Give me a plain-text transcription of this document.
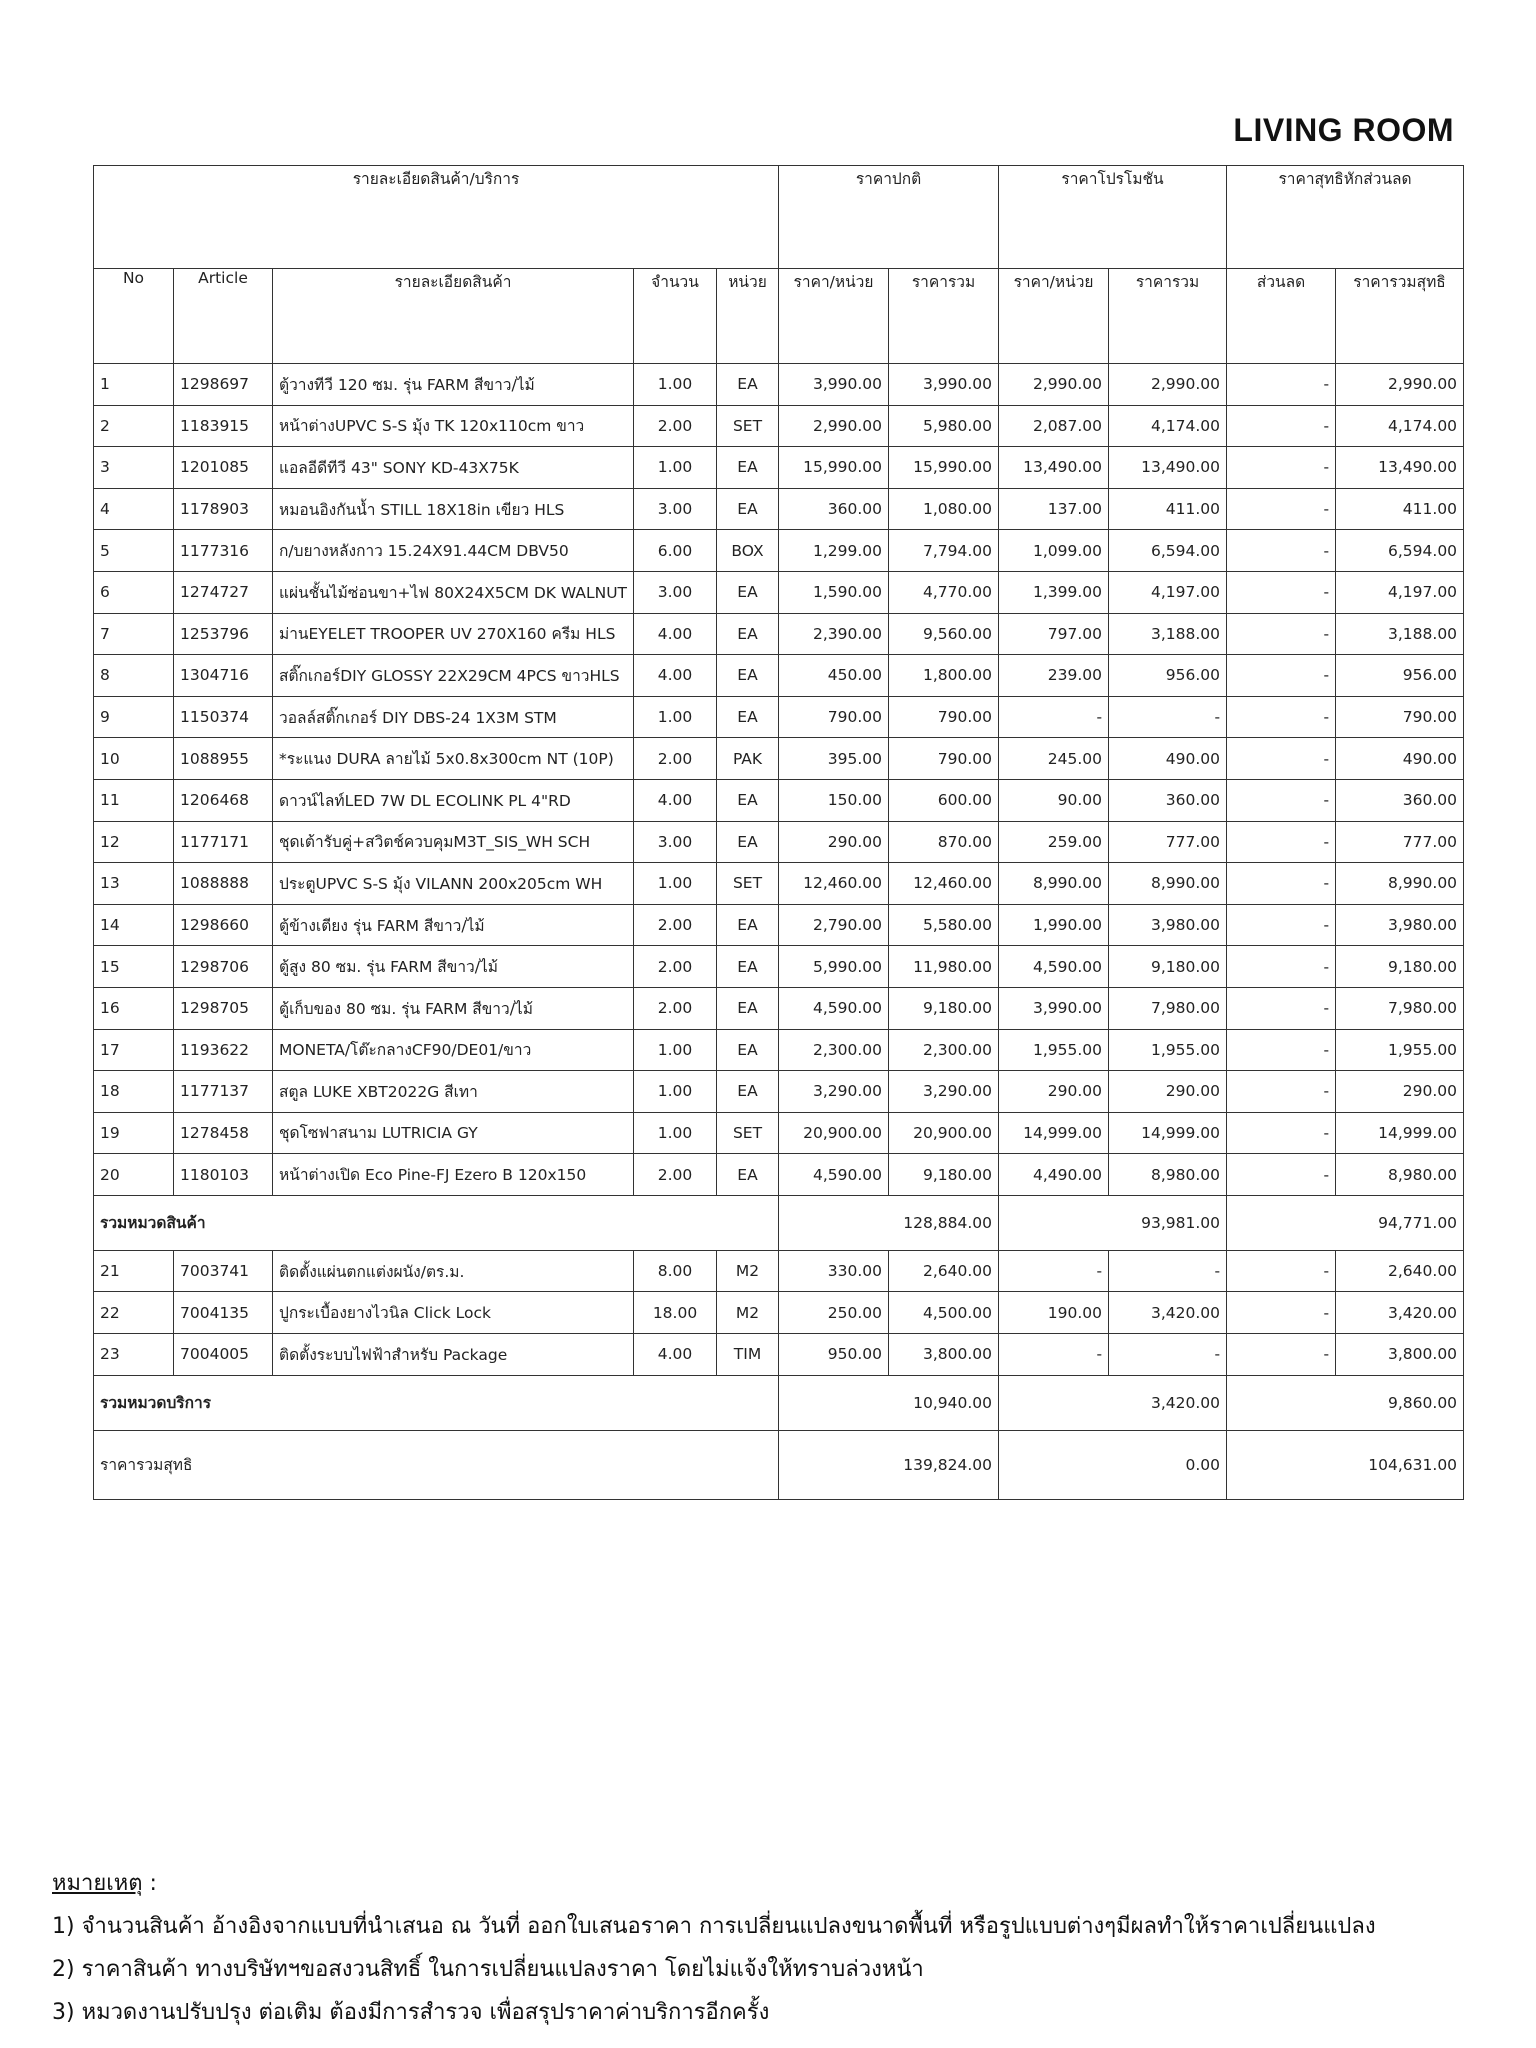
LIVING ROOM
รายละเอียดสินค้า/บริการ					ราคาปกติ		ราคาโปรโมชัน		ราคาสุทธิหักส่วนลด	
No	Article	รายละเอียดสินค้า	จำนวน	หน่วย	ราคา/หน่วย	ราคารวม	ราคา/หน่วย	ราคารวม	ส่วนลด	ราคารวมสุทธิ
1	1298697	ตู้วางทีวี 120 ซม. รุ่น FARM สีขาว/ไม้	1.00	EA	3,990.00	3,990.00	2,990.00	2,990.00	-	2,990.00
2	1183915	หน้าต่างUPVC S-S มุ้ง TK 120x110cm ขาว	2.00	SET	2,990.00	5,980.00	2,087.00	4,174.00	-	4,174.00
3	1201085	แอลอีดีทีวี 43" SONY KD-43X75K	1.00	EA	15,990.00	15,990.00	13,490.00	13,490.00	-	13,490.00
4	1178903	หมอนอิงกันน้ำ STILL 18X18in เขียว HLS	3.00	EA	360.00	1,080.00	137.00	411.00	-	411.00
5	1177316	ก/บยางหลังกาว 15.24X91.44CM DBV50	6.00	BOX	1,299.00	7,794.00	1,099.00	6,594.00	-	6,594.00
6	1274727	แผ่นชั้นไม้ซ่อนขา+ไฟ 80X24X5CM DK WALNUT	3.00	EA	1,590.00	4,770.00	1,399.00	4,197.00	-	4,197.00
7	1253796	ม่านEYELET TROOPER UV 270X160 ครีม HLS	4.00	EA	2,390.00	9,560.00	797.00	3,188.00	-	3,188.00
8	1304716	สติ๊กเกอร์DIY GLOSSY 22X29CM 4PCS ขาวHLS	4.00	EA	450.00	1,800.00	239.00	956.00	-	956.00
9	1150374	วอลล์สติ๊กเกอร์ DIY DBS-24 1X3M STM	1.00	EA	790.00	790.00	-	-	-	790.00
10	1088955	*ระแนง DURA ลายไม้ 5x0.8x300cm NT (10P)	2.00	PAK	395.00	790.00	245.00	490.00	-	490.00
11	1206468	ดาวน์ไลท์LED 7W DL ECOLINK PL 4"RD	4.00	EA	150.00	600.00	90.00	360.00	-	360.00
12	1177171	ชุดเต้ารับคู่+สวิตช์ควบคุมM3T_SIS_WH SCH	3.00	EA	290.00	870.00	259.00	777.00	-	777.00
13	1088888	ประตูUPVC S-S มุ้ง VILANN 200x205cm WH	1.00	SET	12,460.00	12,460.00	8,990.00	8,990.00	-	8,990.00
14	1298660	ตู้ข้างเตียง รุ่น FARM สีขาว/ไม้	2.00	EA	2,790.00	5,580.00	1,990.00	3,980.00	-	3,980.00
15	1298706	ตู้สูง 80 ซม. รุ่น FARM สีขาว/ไม้	2.00	EA	5,990.00	11,980.00	4,590.00	9,180.00	-	9,180.00
16	1298705	ตู้เก็บของ 80 ซม. รุ่น FARM สีขาว/ไม้	2.00	EA	4,590.00	9,180.00	3,990.00	7,980.00	-	7,980.00
17	1193622	MONETA/โต๊ะกลางCF90/DE01/ขาว	1.00	EA	2,300.00	2,300.00	1,955.00	1,955.00	-	1,955.00
18	1177137	สตูล LUKE XBT2022G สีเทา	1.00	EA	3,290.00	3,290.00	290.00	290.00	-	290.00
19	1278458	ชุดโซฟาสนาม LUTRICIA GY	1.00	SET	20,900.00	20,900.00	14,999.00	14,999.00	-	14,999.00
20	1180103	หน้าต่างเปิด Eco Pine-FJ Ezero B 120x150	2.00	EA	4,590.00	9,180.00	4,490.00	8,980.00	-	8,980.00
รวมหมวดสินค้า					128,884.00		93,981.00		94,771.00	
21	7003741	ติดตั้งแผ่นตกแต่งผนัง/ตร.ม.	8.00	M2	330.00	2,640.00	-	-	-	2,640.00
22	7004135	ปูกระเบื้องยางไวนิล Click Lock	18.00	M2	250.00	4,500.00	190.00	3,420.00	-	3,420.00
23	7004005	ติดตั้งระบบไฟฟ้าสำหรับ Package	4.00	TIM	950.00	3,800.00	-	-	-	3,800.00
รวมหมวดบริการ					10,940.00		3,420.00		9,860.00	
ราคารวมสุทธิ					139,824.00		0.00		104,631.00	
หมายเหตุ :
1) จำนวนสินค้า อ้างอิงจากแบบที่นำเสนอ ณ วันที่ ออกใบเสนอราคา การเปลี่ยนแปลงขนาดพื้นที่ หรือรูปแบบต่างๆมีผลทำให้ราคาเปลี่ยนแปลง
2) ราคาสินค้า ทางบริษัทฯขอสงวนสิทธิ์ ในการเปลี่ยนแปลงราคา โดยไม่แจ้งให้ทราบล่วงหน้า
3) หมวดงานปรับปรุง ต่อเติม ต้องมีการสำรวจ เพื่อสรุปราคาค่าบริการอีกครั้ง
